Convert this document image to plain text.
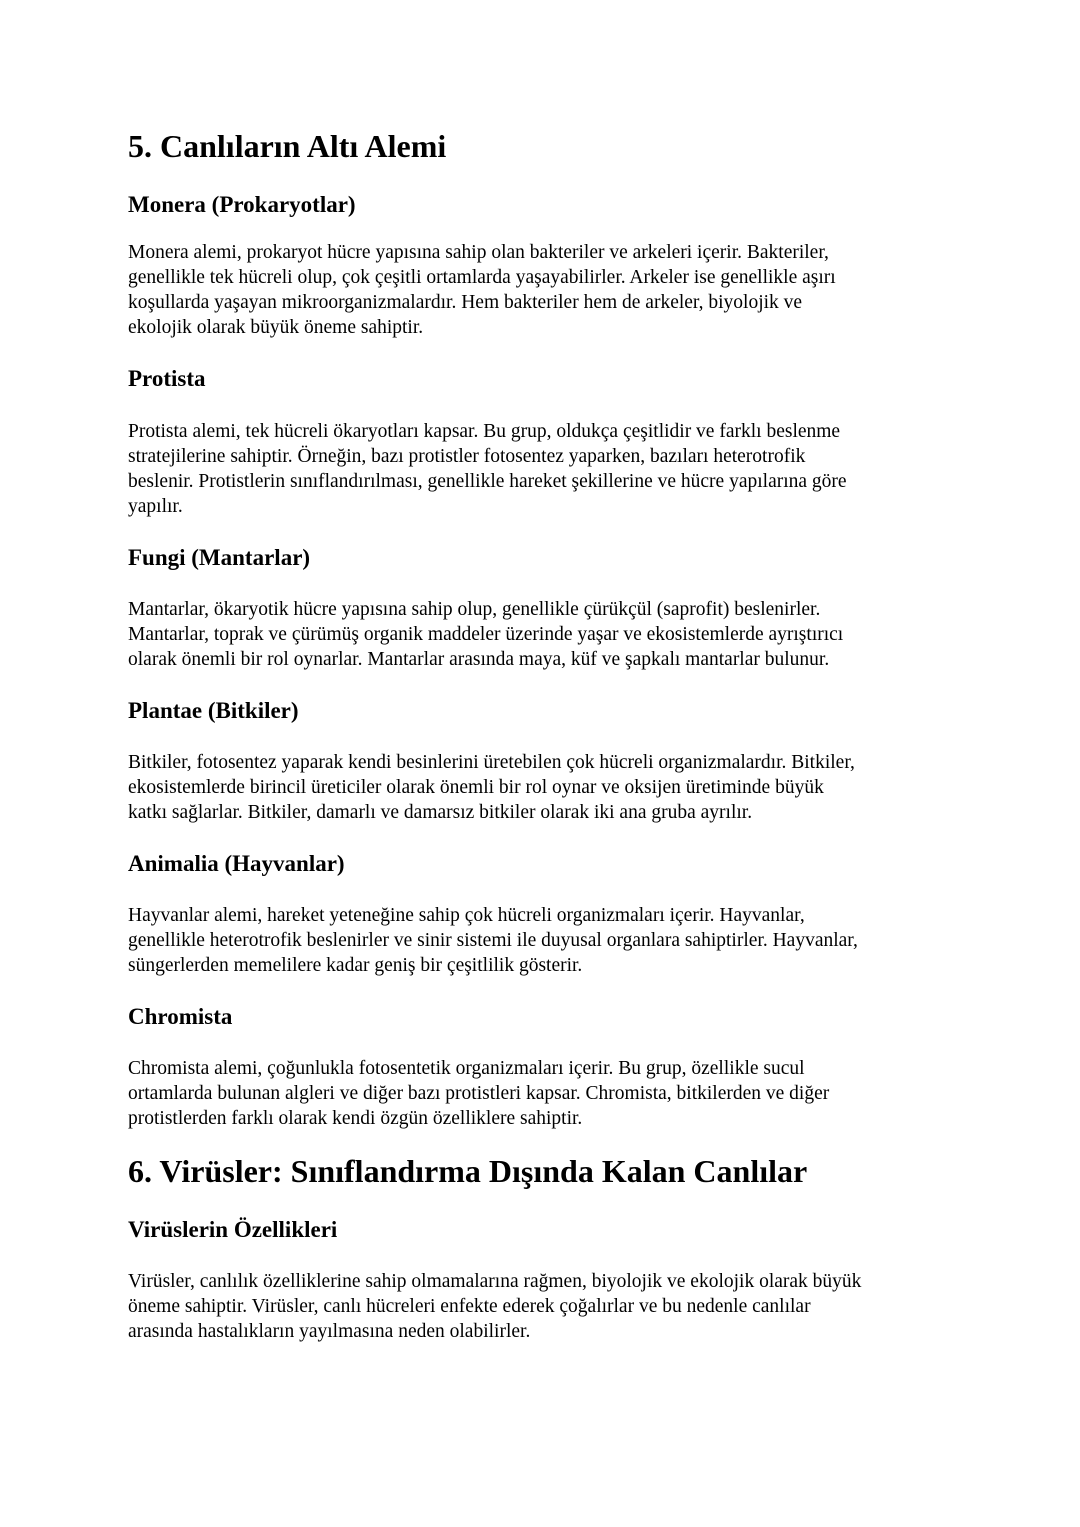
5. Canlıların Altı Alemi
Monera (Prokaryotlar)

Monera alemi, prokaryot hücre yapısına sahip olan bakteriler ve arkeleri içerir. Bakteriler,
genellikle tek hücreli olup, çok çeşitli ortamlarda yaşayabilirler. Arkeler ise genellikle aşırı
koşullarda yaşayan mikroorganizmalardır. Hem bakteriler hem de arkeler, biyolojik ve
ekolojik olarak büyük öneme sahiptir.

Protista

Protista alemi, tek hücreli ökaryotları kapsar. Bu grup, oldukça çeşitlidir ve farklı beslenme
stratejilerine sahiptir. Örneğin, bazı protistler fotosentez yaparken, bazıları heterotrofik
beslenir. Protistlerin sınıflandırılması, genellikle hareket şekillerine ve hücre yapılarına göre
yapılır.

Fungi (Mantarlar)

Mantarlar, ökaryotik hücre yapısına sahip olup, genellikle çürükçül (saprofit) beslenirler.
Mantarlar, toprak ve çürümüş organik maddeler üzerinde yaşar ve ekosistemlerde ayrıştırıcı
olarak önemli bir rol oynarlar. Mantarlar arasında maya, küf ve şapkalı mantarlar bulunur.

Plantae (Bitkiler)

Bitkiler, fotosentez yaparak kendi besinlerini üretebilen çok hücreli organizmalardır. Bitkiler,
ekosistemlerde birincil üreticiler olarak önemli bir rol oynar ve oksijen üretiminde büyük
katkı sağlarlar. Bitkiler, damarlı ve damarsız bitkiler olarak iki ana gruba ayrılır.

Animalia (Hayvanlar)

Hayvanlar alemi, hareket yeteneğine sahip çok hücreli organizmaları içerir. Hayvanlar,
genellikle heterotrofik beslenirler ve sinir sistemi ile duyusal organlara sahiptirler. Hayvanlar,
süngerlerden memelilere kadar geniş bir çeşitlilik gösterir.

Chromista

Chromista alemi, çoğunlukla fotosentetik organizmaları içerir. Bu grup, özellikle sucul
ortamlarda bulunan algleri ve diğer bazı protistleri kapsar. Chromista, bitkilerden ve diğer
protistlerden farklı olarak kendi özgün özelliklere sahiptir.

6. Virüsler: Sınıflandırma Dışında Kalan Canlılar
Virüslerin Özellikleri

Virüsler, canlılık özelliklerine sahip olmamalarına rağmen, biyolojik ve ekolojik olarak büyük
öneme sahiptir. Virüsler, canlı hücreleri enfekte ederek çoğalırlar ve bu nedenle canlılar
arasında hastalıkların yayılmasına neden olabilirler.
